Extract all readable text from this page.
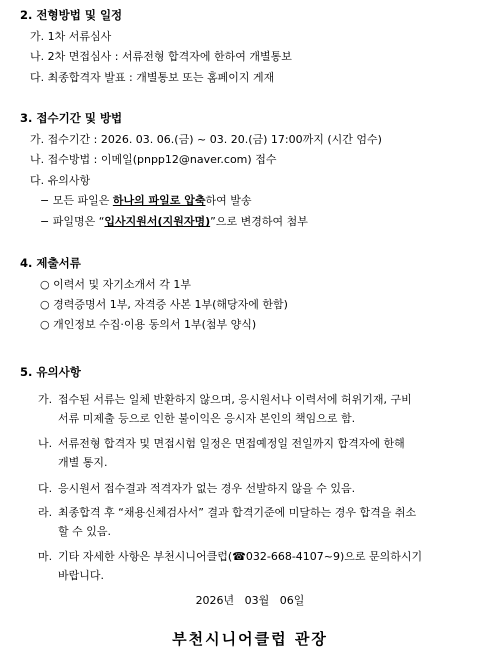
2. 전형방법 및 일정
가. 1차 서류심사
나. 2차 면접심사 : 서류전형 합격자에 한하여 개별통보
다. 최종합격자 발표 : 개별통보 또는 홈페이지 게재
3. 접수기간 및 방법
가. 접수기간 : 2026. 03. 06.(금) ~ 03. 20.(금) 17:00까지 (시간 엄수)
나. 접수방법 : 이메일(pnpp12@naver.com) 접수
다. 유의사항
− 모든 파일은 하나의 파일로 압축하여 발송
− 파일명은 “입사지원서(지원자명)”으로 변경하여 첨부
4. 제출서류
○ 이력서 및 자기소개서 각 1부
○ 경력증명서 1부, 자격증 사본 1부(해당자에 한함)
○ 개인정보 수집·이용 동의서 1부(첨부 양식)
5. 유의사항
가. 접수된 서류는 일체 반환하지 않으며, 응시원서나 이력서에 허위기재, 구비
서류 미제출 등으로 인한 불이익은 응시자 본인의 책임으로 함.
나. 서류전형 합격자 및 면접시험 일정은 면접예정일 전일까지 합격자에 한해
개별 통지.
다. 응시원서 접수결과 적격자가 없는 경우 선발하지 않을 수 있음.
라. 최종합격 후 “채용신체검사서” 결과 합격기준에 미달하는 경우 합격을 취소
할 수 있음.
마. 기타 자세한 사항은 부천시니어클럽(☎032-668-4107~9)으로 문의하시기
바랍니다.
2026년   03월   06일
부천시니어클럽 관장
